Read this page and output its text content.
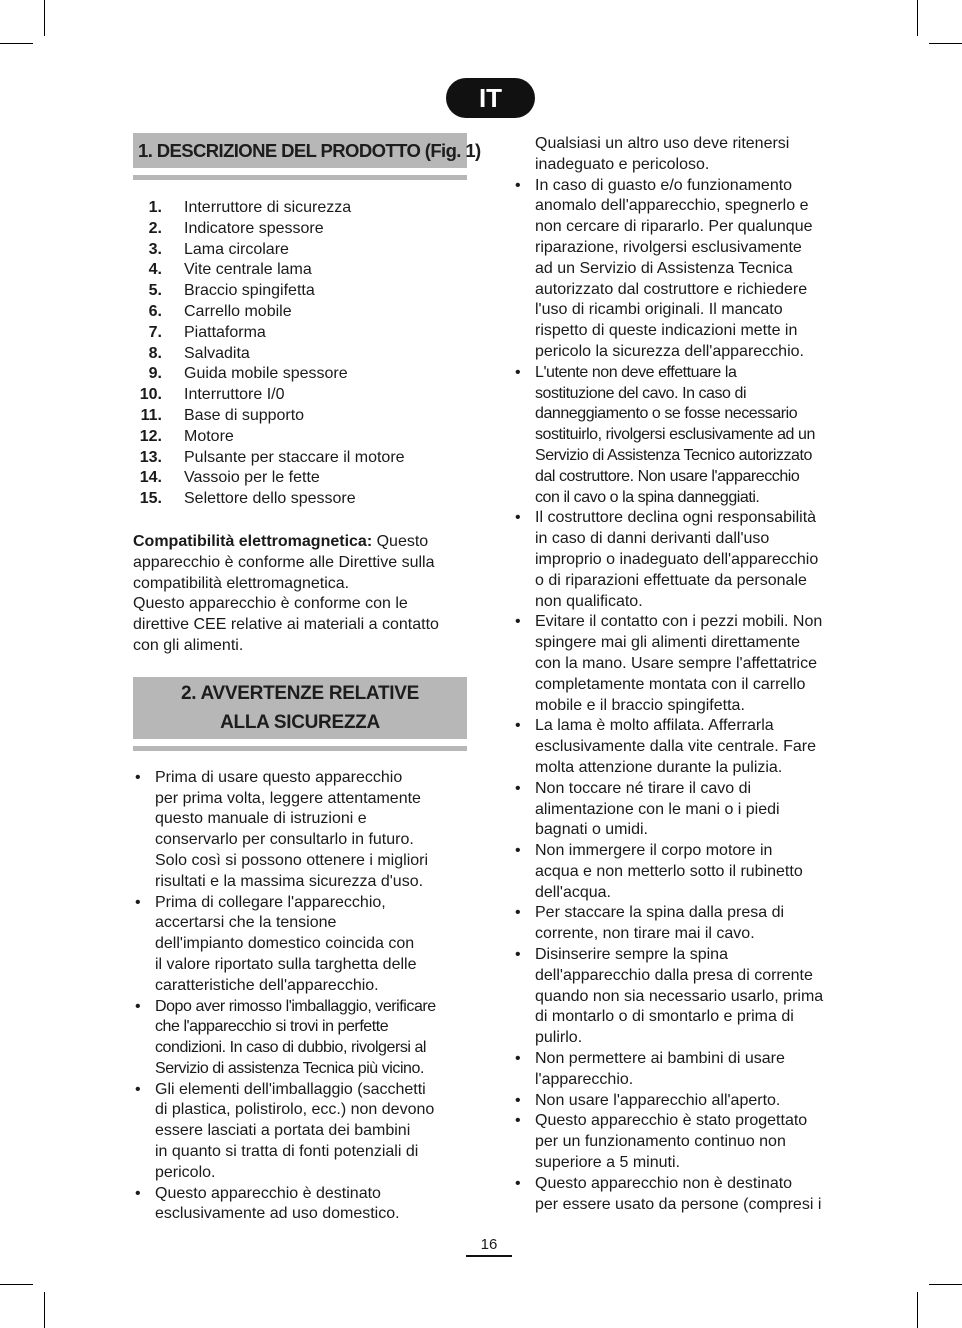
IT
1. DESCRIZIONE DEL PRODOTTO (Fig. 1)
1. Interruttore di sicurezza
2. Indicatore spessore
3. Lama circolare
4. Vite centrale lama
5. Braccio spingifetta
6. Carrello mobile
7. Piattaforma
8. Salvadita
9. Guida mobile spessore
10. Interruttore I/0
11. Base di supporto
12. Motore
13. Pulsante per staccare il motore
14. Vassoio per le fette
15. Selettore dello spessore

Compatibilità elettromagnetica: Questo

apparecchio è conforme alle Direttive sulla

compatibilità elettromagnetica.

Questo apparecchio è conforme con le

direttive CEE relative ai materiali a contatto

con gli alimenti.

2. AVVERTENZE RELATIVE
ALLA SICUREZZA
• Prima di usare questo apparecchio
per prima volta, leggere attentamente
questo manuale di istruzioni e
conservarlo per consultarlo in futuro.
Solo così si possono ottenere i migliori
risultati e la massima sicurezza d'uso.
• Prima di collegare l'apparecchio,
accertarsi che la tensione
dell'impianto domestico coincida con
il valore riportato sulla targhetta delle
caratteristiche dell'apparecchio.
• Dopo aver rimosso l'imballaggio, verificare
che l'apparecchio si trovi in perfette
condizioni. In caso di dubbio, rivolgersi al
Servizio di assistenza Tecnica più vicino.
• Gli elementi dell'imballaggio (sacchetti
di plastica, polistirolo, ecc.) non devono
essere lasciati a portata dei bambini
in quanto si tratta di fonti potenziali di
pericolo.
• Questo apparecchio è destinato
esclusivamente ad uso domestico.

Qualsiasi un altro uso deve ritenersi

inadeguato e pericoloso.

• In caso di guasto e/o funzionamento
anomalo dell'apparecchio, spegnerlo e
non cercare di ripararlo. Per qualunque
riparazione, rivolgersi esclusivamente
ad un Servizio di Assistenza Tecnica
autorizzato dal costruttore e richiedere
l'uso di ricambi originali. Il mancato
rispetto di queste indicazioni mette in
pericolo la sicurezza dell'apparecchio.
• L'utente non deve effettuare la
sostituzione del cavo. In caso di
danneggiamento o se fosse necessario
sostituirlo, rivolgersi esclusivamente ad un
Servizio di Assistenza Tecnico autorizzato
dal costruttore. Non usare l'apparecchio
con il cavo o la spina danneggiati.
• Il costruttore declina ogni responsabilità
in caso di danni derivanti dall'uso
improprio o inadeguato dell'apparecchio
o di riparazioni effettuate da personale
non qualificato.
• Evitare il contatto con i pezzi mobili. Non
spingere mai gli alimenti direttamente
con la mano. Usare sempre l'affettatrice
completamente montata con il carrello
mobile e il braccio spingifetta.
• La lama è molto affilata. Afferrarla
esclusivamente dalla vite centrale. Fare
molta attenzione durante la pulizia.
• Non toccare né tirare il cavo di
alimentazione con le mani o i piedi
bagnati o umidi.
• Non immergere il corpo motore in
acqua e non metterlo sotto il rubinetto
dell'acqua.
• Per staccare la spina dalla presa di
corrente, non tirare mai il cavo.
• Disinserire sempre la spina
dell'apparecchio dalla presa di corrente
quando non sia necessario usarlo, prima
di montarlo o di smontarlo e prima di
pulirlo.
• Non permettere ai bambini di usare
l'apparecchio.
• Non usare l'apparecchio all'aperto.
• Questo apparecchio è stato progettato
per un funzionamento continuo non
superiore a 5 minuti.
• Questo apparecchio non è destinato
per essere usato da persone (compresi i
16
